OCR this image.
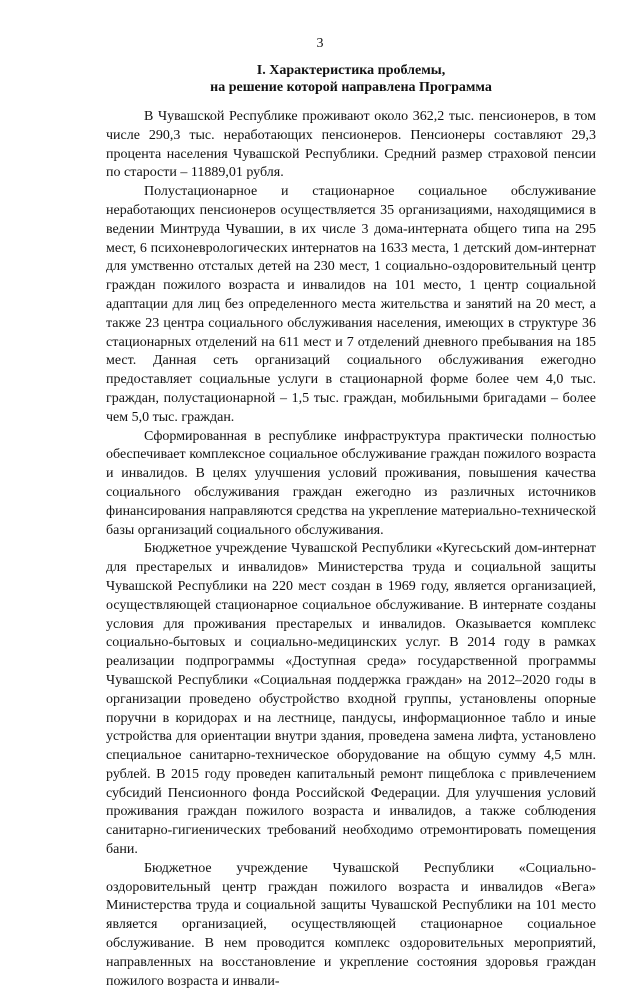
3
I. Характеристика проблемы,
на решение которой направлена Программа

В Чувашской Республике проживают около 362,2 тыс. пенсионеров, в том числе 290,3 тыс. неработающих пенсионеров. Пенсионеры составляют 29,3 процента населения Чувашской Республики. Средний размер страховой пенсии по старости – 11889,01 рубля.

Полустационарное и стационарное социальное обслуживание неработающих пенсионеров осуществляется 35 организациями, находящимися в ведении Минтруда Чувашии, в их числе 3 дома-интерната общего типа на 295 мест, 6 психоневрологических интернатов на 1633 места, 1 детский дом-интернат для умственно отсталых детей на 230 мест, 1 социально-оздоровительный центр граждан пожилого возраста и инвалидов на 101 место, 1 центр социальной адаптации для лиц без определенного места жительства и занятий на 20 мест, а также 23 центра социального обслуживания населения, имеющих в структуре 36 стационарных отделений на 611 мест и 7 отделений дневного пребывания на 185 мест. Данная сеть организаций социального обслуживания ежегодно предоставляет социальные услуги в стационарной форме более чем 4,0 тыс. граждан, полустационарной – 1,5 тыс. граждан, мобильными бригадами – более чем 5,0 тыс. граждан.

Сформированная в республике инфраструктура практически полностью обеспечивает комплексное социальное обслуживание граждан пожилого возраста и инвалидов. В целях улучшения условий проживания, повышения качества социального обслуживания граждан ежегодно из различных источников финансирования направляются средства на укрепление материально-технической базы организаций социального обслуживания.

Бюджетное учреждение Чувашской Республики «Кугесьский дом-интернат для престарелых и инвалидов» Министерства труда и социальной защиты Чувашской Республики на 220 мест создан в 1969 году, является организацией, осуществляющей стационарное социальное обслуживание. В интернате созданы условия для проживания престарелых и инвалидов. Оказывается комплекс социально-бытовых и социально-медицинских услуг. В 2014 году в рамках реализации подпрограммы «Доступная среда» государственной программы Чувашской Республики «Социальная поддержка граждан» на 2012–2020 годы в организации проведено обустройство входной группы, установлены опорные поручни в коридорах и на лестнице, пандусы, информационное табло и иные устройства для ориентации внутри здания, проведена замена лифта, установлено специальное санитарно-техническое оборудование на общую сумму 4,5 млн. рублей. В 2015 году проведен капитальный ремонт пищеблока с привлечением субсидий Пенсионного фонда Российской Федерации. Для улучшения условий проживания граждан пожилого возраста и инвалидов, а также соблюдения санитарно-гигиенических требований необходимо отремонтировать помещения бани.

Бюджетное учреждение Чувашской Республики «Социально-оздоровительный центр граждан пожилого возраста и инвалидов «Вега» Министерства труда и социальной защиты Чувашской Республики на 101 место является организацией, осуществляющей стационарное социальное обслуживание. В нем проводится комплекс оздоровительных мероприятий, направленных на восстановление и укрепление состояния здоровья граждан пожилого возраста и инвали-
